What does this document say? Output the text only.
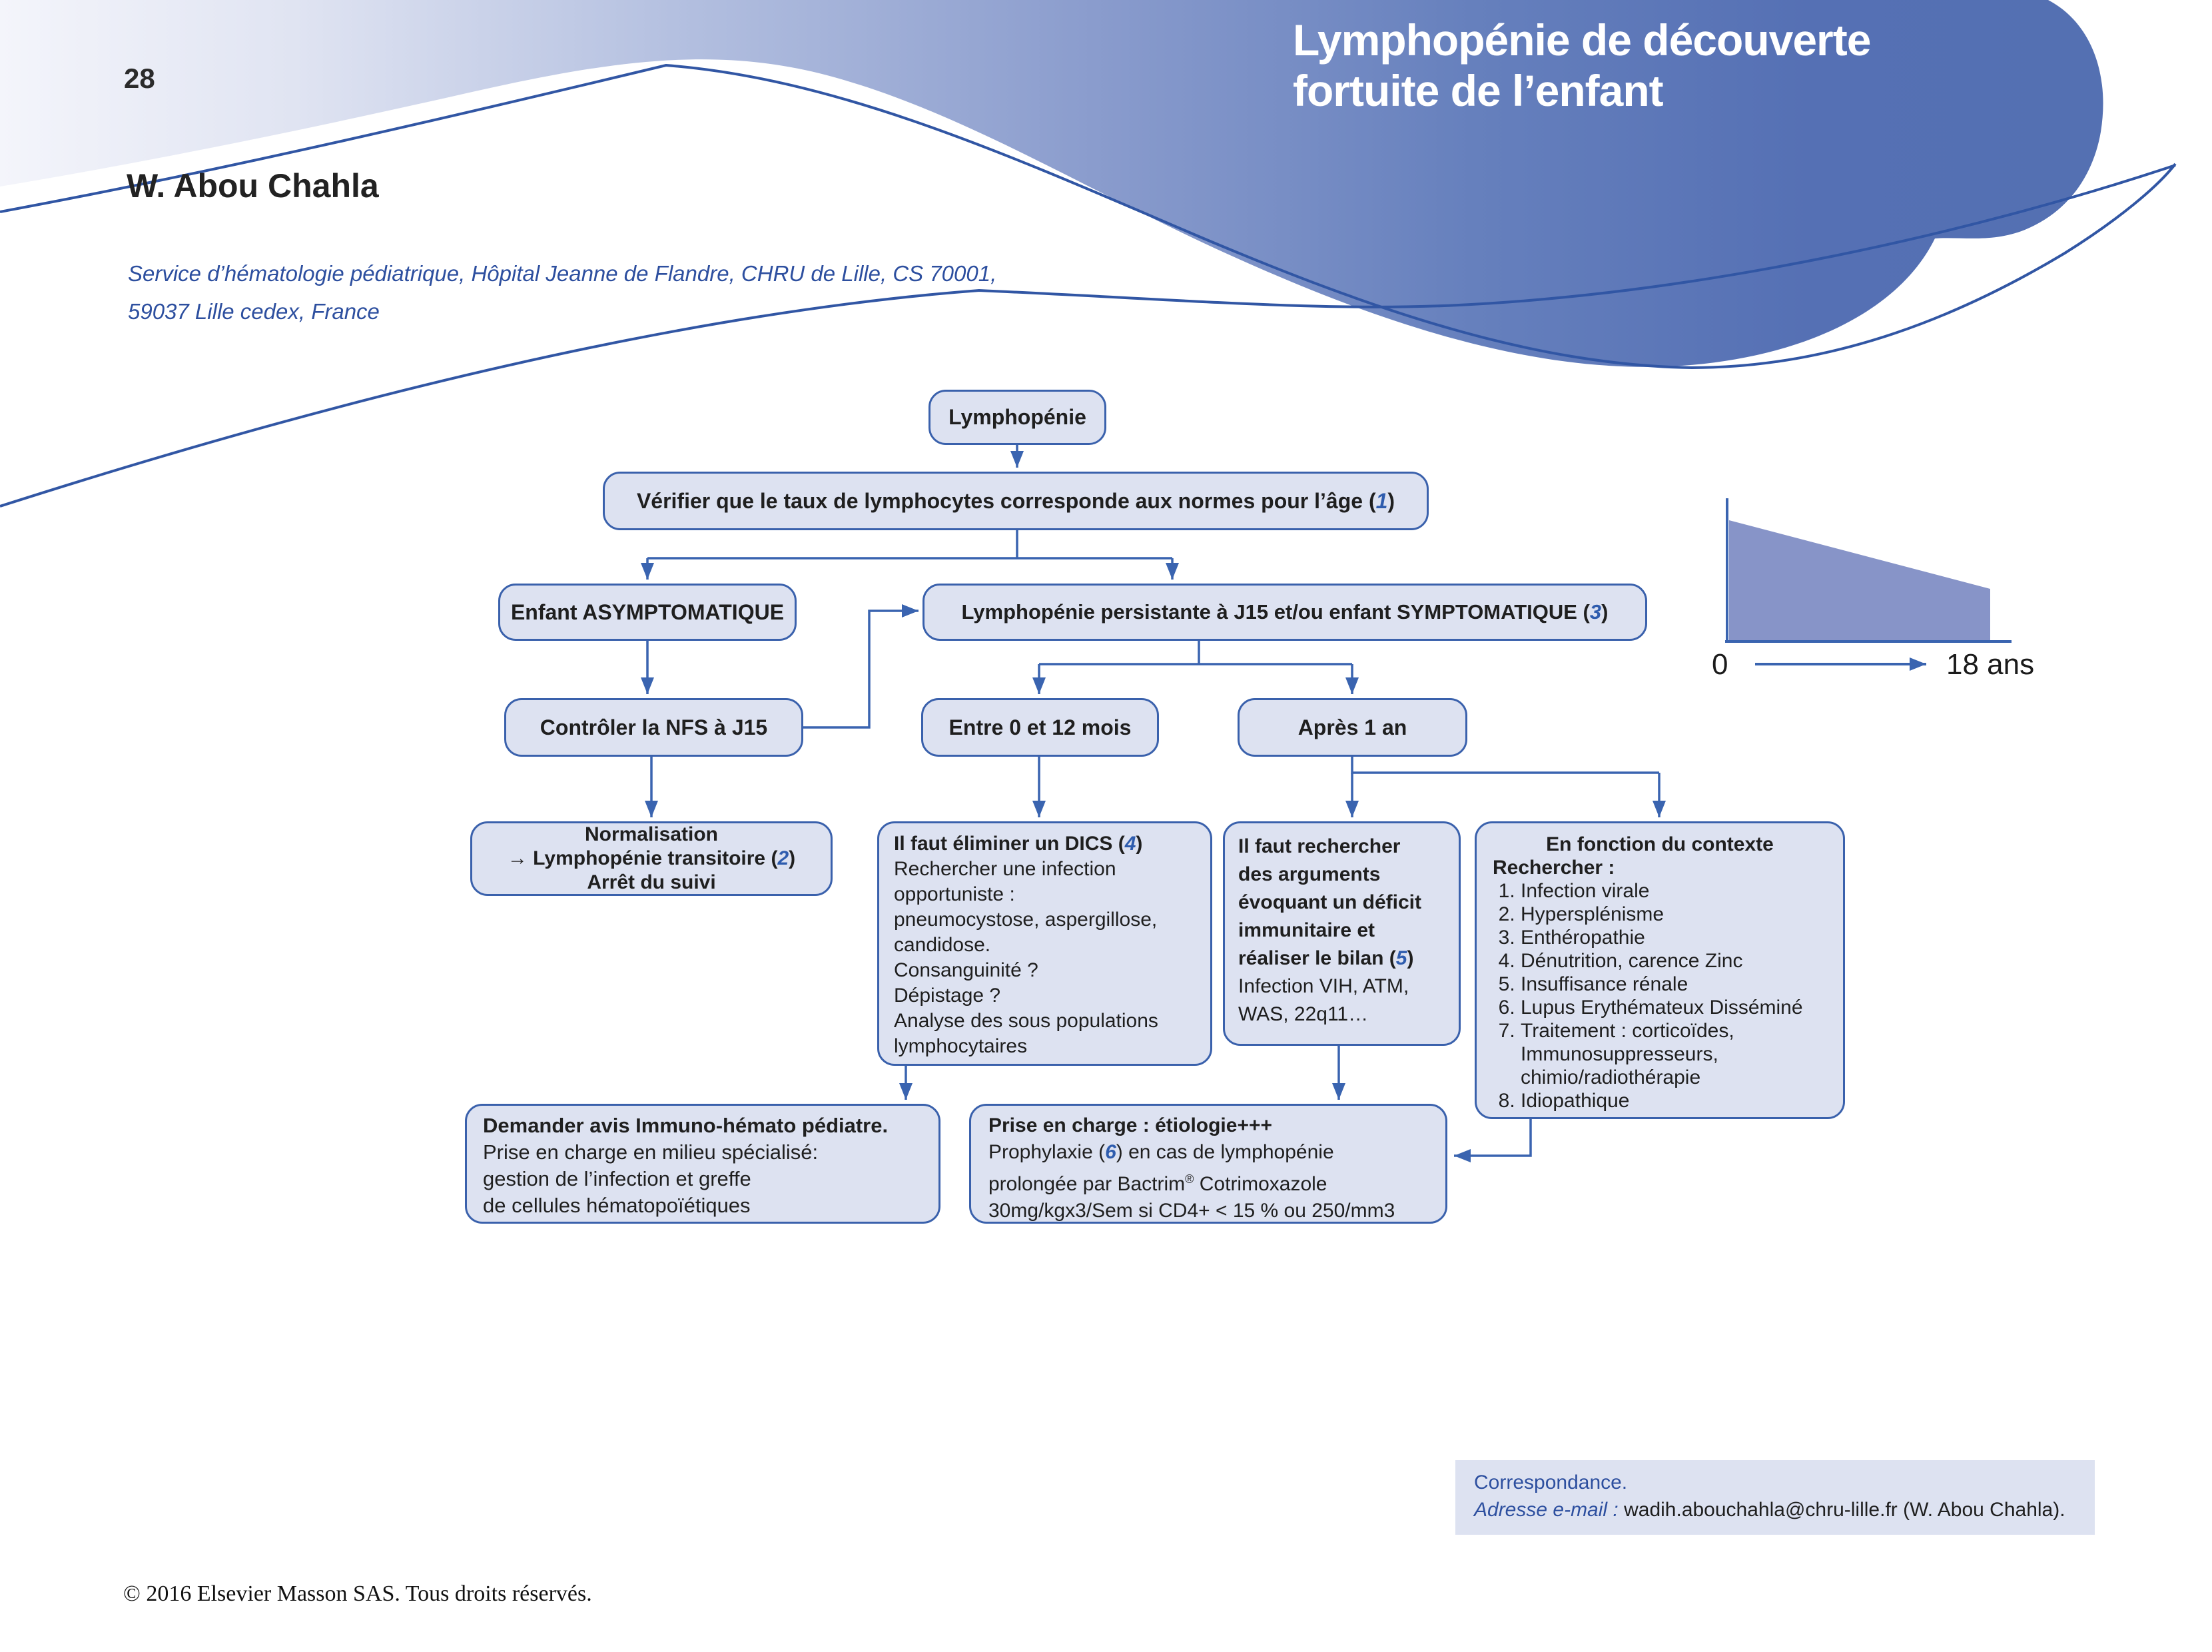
28
Lymphopénie de découverte
fortuite de l’enfant
W. Abou Chahla
Service d’hématologie pédiatrique, Hôpital Jeanne de Flandre, CHRU de Lille, CS 70001,
59037 Lille cedex, France
Lymphopénie
Vérifier que le taux de lymphocytes corresponde aux normes pour l’âge (1)
Enfant ASYMPTOMATIQUE	Lymphopénie persistante à J15 et/ou enfant SYMPTOMATIQUE (3)
Contrôler la NFS à J15	Entre 0 et 12 mois	Après 1 an
Normalisation
→ Lymphopénie transitoire (2)
Arrêt du suivi
Il faut éliminer un DICS (4)
Rechercher une infection
opportuniste :
pneumocystose, aspergillose,
candidose.
Consanguinité ?
Dépistage ?
Analyse des sous populations
lymphocytaires
Il faut rechercher
des arguments
évoquant un déficit
immunitaire et
réaliser le bilan (5)
Infection VIH, ATM,
WAS, 22q11…
En fonction du contexte
Rechercher :
1. Infection virale
2. Hypersplénisme
3. Enthéropathie
4. Dénutrition, carence Zinc
5. Insuffisance rénale
6. Lupus Erythémateux Disséminé
7. Traitement : corticoïdes, Immunosuppresseurs, chimio/radiothérapie
8. Idiopathique
Demander avis Immuno-hémato pédiatre.
Prise en charge en milieu spécialisé:
gestion de l’infection et greffe
de cellules hématopoïétiques
Prise en charge : étiologie+++
Prophylaxie (6) en cas de lymphopénie
prolongée par Bactrim® Cotrimoxazole
30mg/kgx3/Sem si CD4+ < 15 % ou 250/mm3
0	18 ans
Correspondance.
Adresse e-mail : wadih.abouchahla@chru-lille.fr (W. Abou Chahla).
© 2016 Elsevier Masson SAS. Tous droits réservés.
